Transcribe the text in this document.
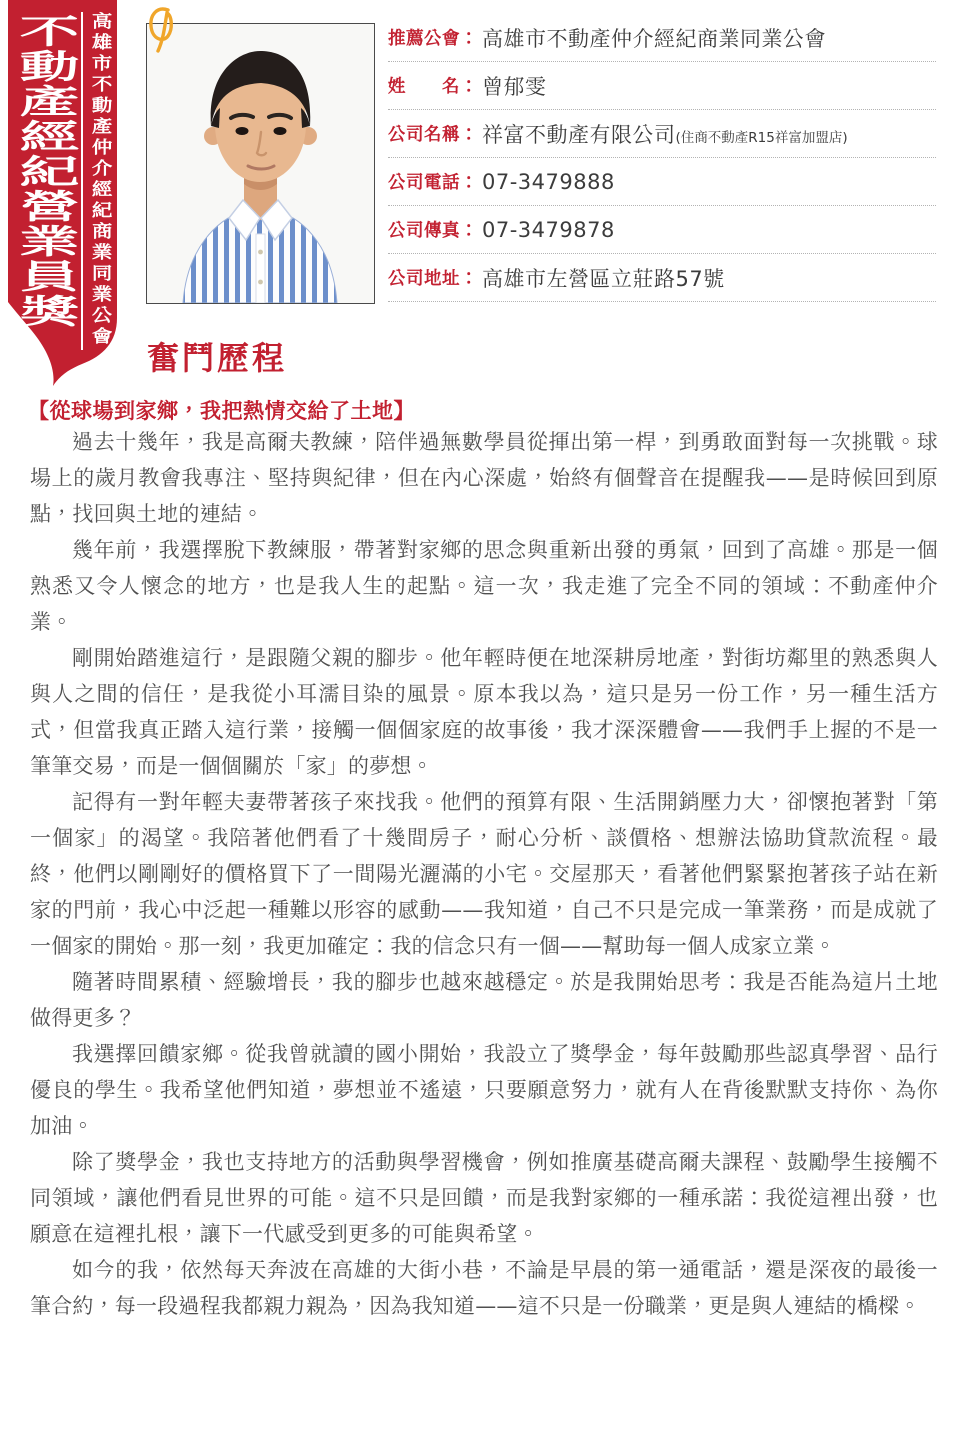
不動產經紀營業員獎 高雄市不動產仲介經紀商業同業公會	推薦公會： 高雄市不動產仲介經紀商業同業公會
姓　　名： 曾郁雯
公司名稱： 祥富不動產有限公司 (住商不動產R15祥富加盟店)
公司電話： 07-3479888
公司傳真： 07-3479878
公司地址： 高雄市左營區立莊路57號
奮鬥歷程
【從球場到家鄉，我把熱情交給了土地】

過去十幾年，我是高爾夫教練，陪伴過無數學員從揮出第一桿，到勇敢面對每一次挑戰。球場上的歲月教會我專注、堅持與紀律，但在內心深處，始終有個聲音在提醒我——是時候回到原點，找回與土地的連結。

幾年前，我選擇脫下教練服，帶著對家鄉的思念與重新出發的勇氣，回到了高雄。那是一個熟悉又令人懷念的地方，也是我人生的起點。這一次，我走進了完全不同的領域：不動產仲介業。

剛開始踏進這行，是跟隨父親的腳步。他年輕時便在地深耕房地產，對街坊鄰里的熟悉與人與人之間的信任，是我從小耳濡目染的風景。原本我以為，這只是另一份工作，另一種生活方式，但當我真正踏入這行業，接觸一個個家庭的故事後，我才深深體會——我們手上握的不是一筆筆交易，而是一個個關於「家」的夢想。

記得有一對年輕夫妻帶著孩子來找我。他們的預算有限、生活開銷壓力大，卻懷抱著對「第一個家」的渴望。我陪著他們看了十幾間房子，耐心分析、談價格、想辦法協助貸款流程。最終，他們以剛剛好的價格買下了一間陽光灑滿的小宅。交屋那天，看著他們緊緊抱著孩子站在新家的門前，我心中泛起一種難以形容的感動——我知道，自己不只是完成一筆業務，而是成就了一個家的開始。那一刻，我更加確定：我的信念只有一個——幫助每一個人成家立業。

隨著時間累積、經驗增長，我的腳步也越來越穩定。於是我開始思考：我是否能為這片土地做得更多？

我選擇回饋家鄉。從我曾就讀的國小開始，我設立了獎學金，每年鼓勵那些認真學習、品行優良的學生。我希望他們知道，夢想並不遙遠，只要願意努力，就有人在背後默默支持你、為你加油。

除了獎學金，我也支持地方的活動與學習機會，例如推廣基礎高爾夫課程、鼓勵學生接觸不同領域，讓他們看見世界的可能。這不只是回饋，而是我對家鄉的一種承諾：我從這裡出發，也願意在這裡扎根，讓下一代感受到更多的可能與希望。

如今的我，依然每天奔波在高雄的大街小巷，不論是早晨的第一通電話，還是深夜的最後一筆合約，每一段過程我都親力親為，因為我知道——這不只是一份職業，更是與人連結的橋樑。
